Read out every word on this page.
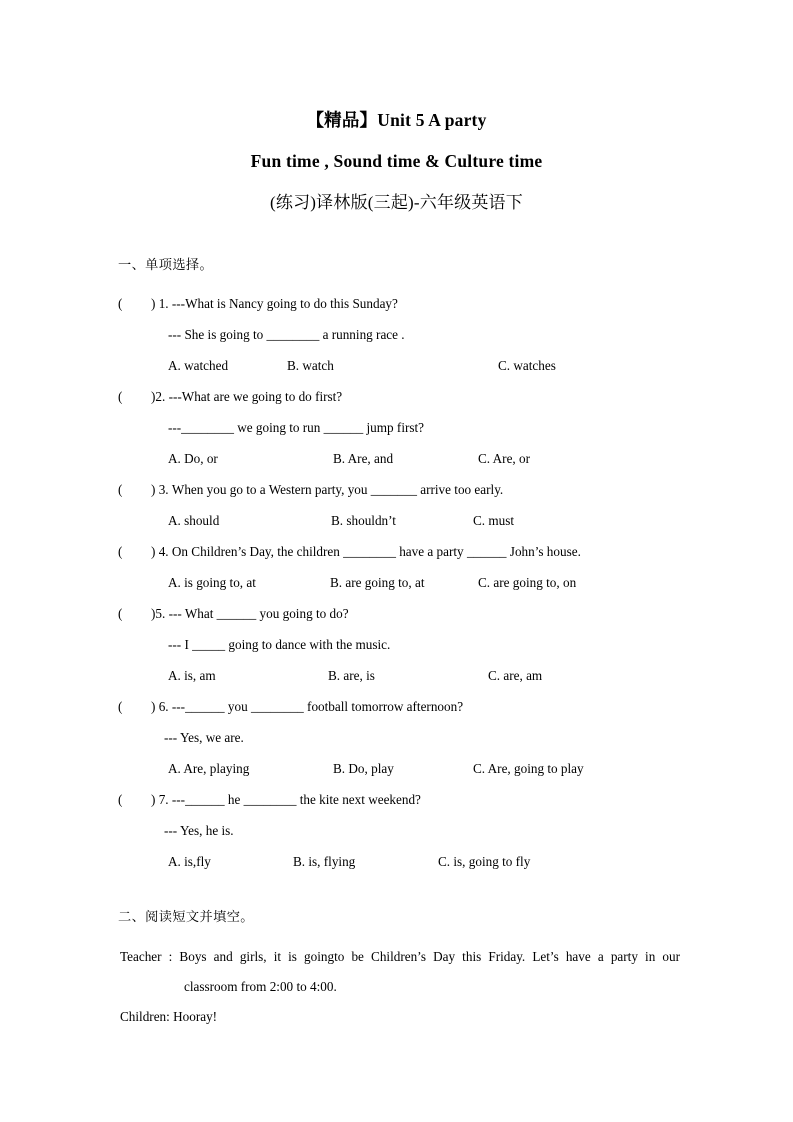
【精品】Unit 5 A party
Fun time , Sound time & Culture time
(练习)译林版(三起)-六年级英语下
一、单项选择。
( ) 1. ---What is Nancy going to do this Sunday?
--- She is going to ________ a running race .
A. watched	B. watch	C. watches
( )2. ---What are we going to do first?
---________ we going to run ______ jump first?
A. Do, or	B. Are, and	C. Are, or
( ) 3. When you go to a Western party, you _______ arrive too early.
A. should	B. shouldn’t	C. must
( ) 4. On Children’s Day, the children ________ have a party ______ John’s house.
A. is going to, at	B. are going to, at	C. are going to, on
( )5. --- What ______ you going to do?
--- I _____ going to dance with the music.
A. is, am	B. are, is	C. are, am
( ) 6. ---______ you ________ football tomorrow afternoon?
--- Yes, we are.
A. Are, playing	B. Do, play	C. Are, going to play
( ) 7. ---______ he ________ the kite next weekend?
--- Yes, he is.
A. is,fly	B. is, flying	C. is, going to fly
二、阅读短文并填空。
Teacher : Boys and girls, it is goingto be Children’s Day this Friday. Let’s have a party in our
classroom from 2:00 to 4:00.
Children: Hooray!
